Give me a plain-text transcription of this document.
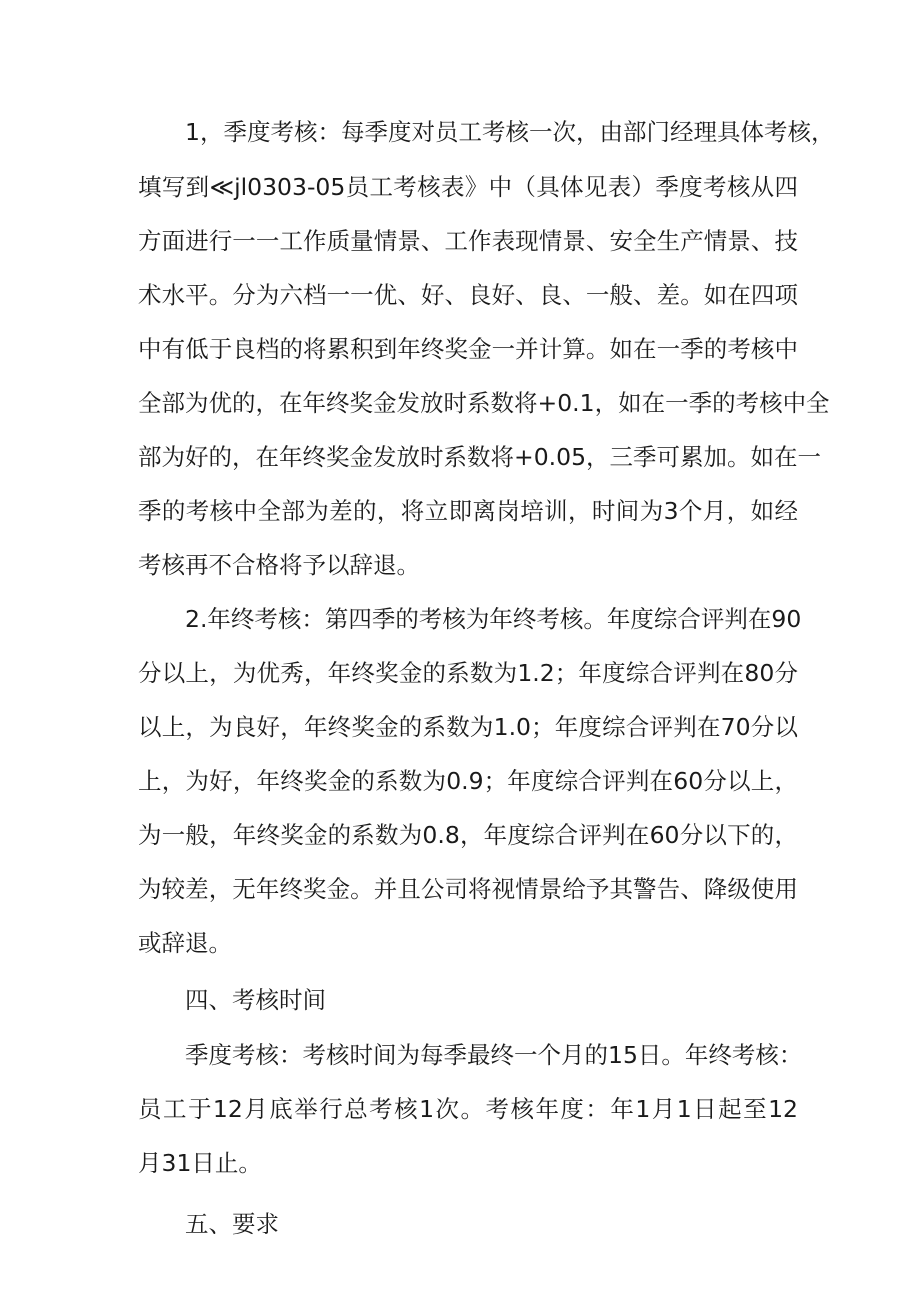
1，季度考核：每季度对员工考核一次，由部门经理具体考核，
填写到≪jl0303-05员工考核表》中（具体见表）季度考核从四
方面进行一一工作质量情景、工作表现情景、安全生产情景、技
术水平。分为六档一一优、好、良好、良、一般、差。如在四项
中有低于良档的将累积到年终奖金一并计算。如在一季的考核中
全部为优的，在年终奖金发放时系数将+0.1，如在一季的考核中全
部为好的，在年终奖金发放时系数将+0.05，三季可累加。如在一
季的考核中全部为差的，将立即离岗培训，时间为3个月，如经
考核再不合格将予以辞退。
2.年终考核：第四季的考核为年终考核。年度综合评判在90
分以上，为优秀，年终奖金的系数为1.2；年度综合评判在80分
以上，为良好，年终奖金的系数为1.0；年度综合评判在70分以
上，为好，年终奖金的系数为0.9；年度综合评判在60分以上，
为一般，年终奖金的系数为0.8，年度综合评判在60分以下的，
为较差，无年终奖金。并且公司将视情景给予其警告、降级使用
或辞退。
四、考核时间
季度考核：考核时间为每季最终一个月的15日。年终考核：
员工于12月底举行总考核1次。考核年度：年1月1日起至12
月31日止。
五、要求
